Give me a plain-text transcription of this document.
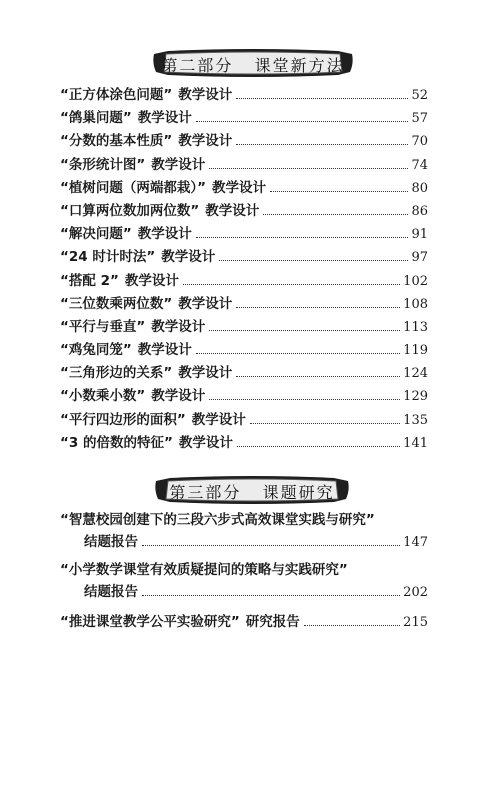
第二部分   课堂新方法
“正方体涂色问题” 教学设计	52
“鸽巢问题” 教学设计	57
“分数的基本性质” 教学设计	70
“条形统计图” 教学设计	74
“植树问题（两端都栽）” 教学设计	80
“口算两位数加两位数” 教学设计	86
“解决问题” 教学设计	91
“24 时计时法” 教学设计	97
“搭配 2” 教学设计	102
“三位数乘两位数” 教学设计	108
“平行与垂直” 教学设计	113
“鸡兔同笼” 教学设计	119
“三角形边的关系” 教学设计	124
“小数乘小数” 教学设计	129
“平行四边形的面积” 教学设计	135
“3 的倍数的特征” 教学设计	141
第三部分   课题研究
“智慧校园创建下的三段六步式高效课堂实践与研究”
结题报告	147
“小学数学课堂有效质疑提问的策略与实践研究”
结题报告	202
“推进课堂教学公平实验研究” 研究报告	215
